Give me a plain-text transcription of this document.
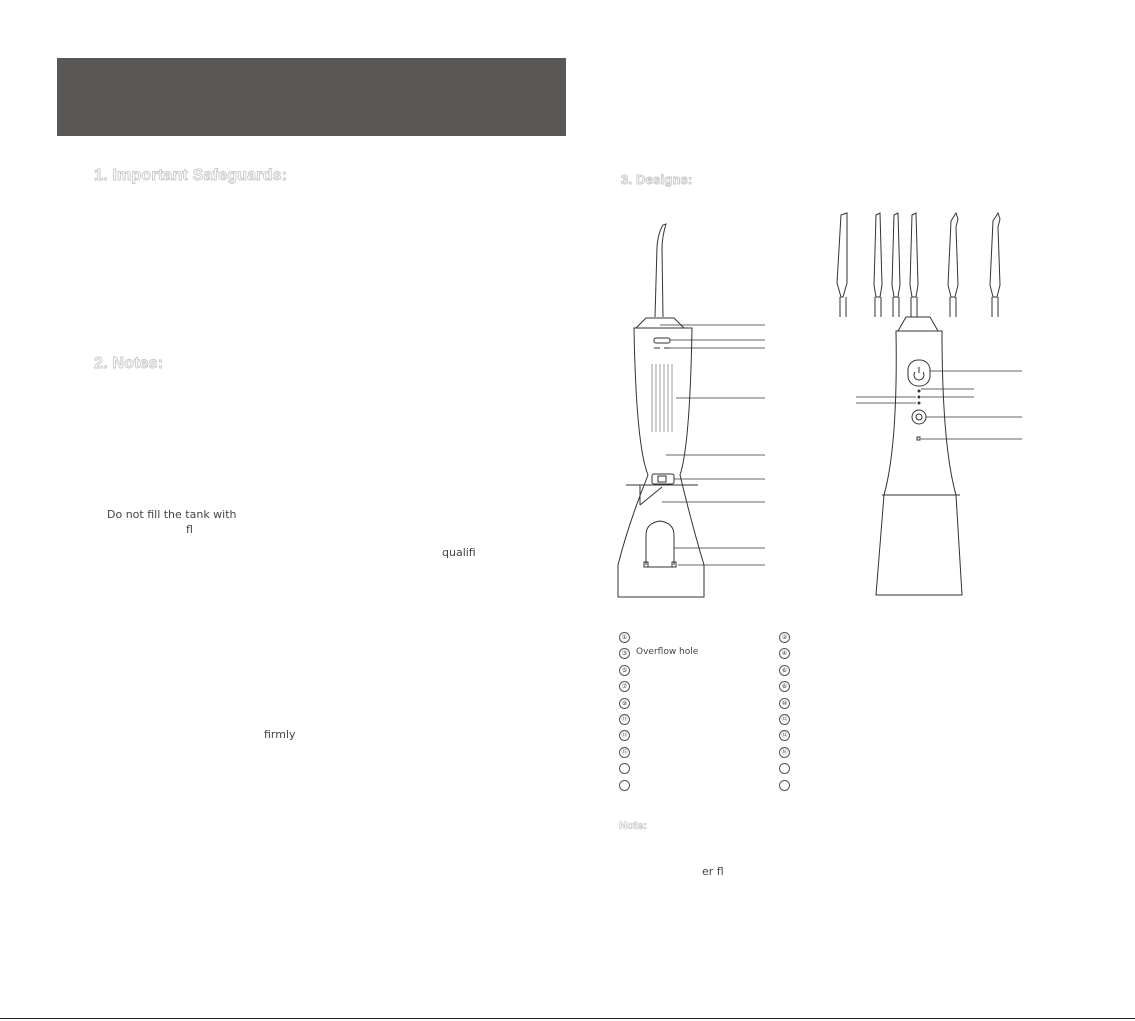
1. Important Safeguards:
2. Notes:
3. Designs:
Do not fill the tank with
fl
qualifi
firmly
er fl
①	②
③ Overflow hole	④
⑤	⑥
⑦	⑧
⑨	⑩
⑪	⑫
⑬	⑭
⑮	⑯
Note:
